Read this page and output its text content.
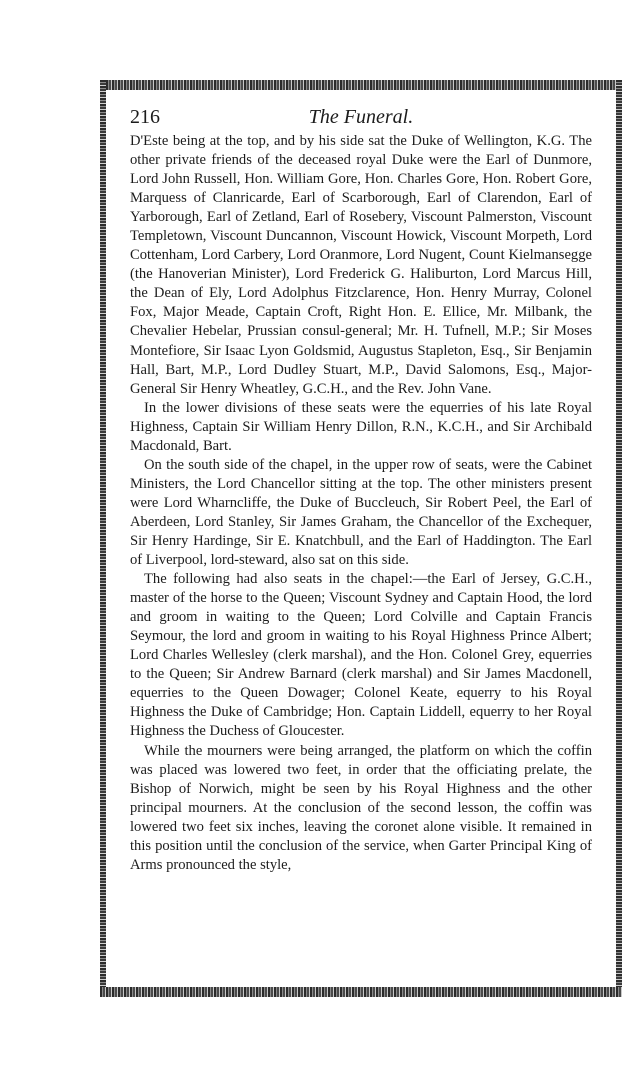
216	The Funeral.

D'Este being at the top, and by his side sat the Duke of Wellington, K.G. The other private friends of the deceased royal Duke were the Earl of Dunmore, Lord John Russell, Hon. William Gore, Hon. Charles Gore, Hon. Robert Gore, Marquess of Clanricarde, Earl of Scarborough, Earl of Clarendon, Earl of Yarborough, Earl of Zetland, Earl of Rosebery, Viscount Palmerston, Viscount Templetown, Viscount Duncannon, Viscount Howick, Viscount Morpeth, Lord Cottenham, Lord Carbery, Lord Oranmore, Lord Nugent, Count Kielmansegge (the Hanoverian Minister), Lord Frederick G. Haliburton, Lord Marcus Hill, the Dean of Ely, Lord Adolphus Fitzclarence, Hon. Henry Murray, Colonel Fox, Major Meade, Captain Croft, Right Hon. E. Ellice, Mr. Milbank, the Chevalier Hebelar, Prussian consul-general; Mr. H. Tufnell, M.P.; Sir Moses Montefiore, Sir Isaac Lyon Goldsmid, Augustus Stapleton, Esq., Sir Benjamin Hall, Bart, M.P., Lord Dudley Stuart, M.P., David Salomons, Esq., Major-General Sir Henry Wheatley, G.C.H., and the Rev. John Vane.

In the lower divisions of these seats were the equerries of his late Royal Highness, Captain Sir William Henry Dillon, R.N., K.C.H., and Sir Archibald Macdonald, Bart.

On the south side of the chapel, in the upper row of seats, were the Cabinet Ministers, the Lord Chancellor sitting at the top. The other ministers present were Lord Wharncliffe, the Duke of Buccleuch, Sir Robert Peel, the Earl of Aberdeen, Lord Stanley, Sir James Graham, the Chancellor of the Exchequer, Sir Henry Hardinge, Sir E. Knatchbull, and the Earl of Haddington. The Earl of Liverpool, lord-steward, also sat on this side.

The following had also seats in the chapel:—the Earl of Jersey, G.C.H., master of the horse to the Queen; Viscount Sydney and Captain Hood, the lord and groom in waiting to the Queen; Lord Colville and Captain Francis Seymour, the lord and groom in waiting to his Royal Highness Prince Albert; Lord Charles Wellesley (clerk marshal), and the Hon. Colonel Grey, equerries to the Queen; Sir Andrew Barnard (clerk marshal) and Sir James Macdonell, equerries to the Queen Dowager; Colonel Keate, equerry to his Royal Highness the Duke of Cambridge; Hon. Captain Liddell, equerry to her Royal Highness the Duchess of Gloucester.

While the mourners were being arranged, the platform on which the coffin was placed was lowered two feet, in order that the officiating prelate, the Bishop of Norwich, might be seen by his Royal Highness and the other principal mourners. At the conclusion of the second lesson, the coffin was lowered two feet six inches, leaving the coronet alone visible. It remained in this position until the conclusion of the service, when Garter Principal King of Arms pronounced the style,
